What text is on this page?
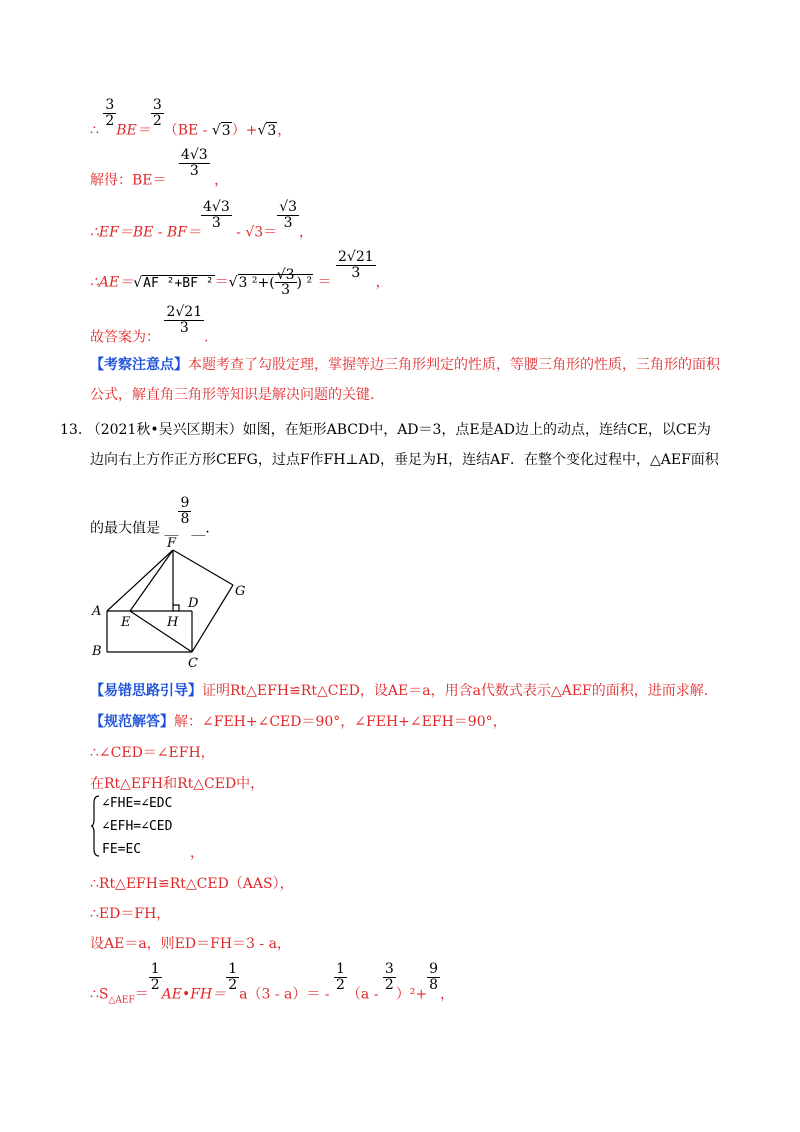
∴
$\frac{3}{2}$
BE＝
$\frac{3}{2}$
（BE - √3）+√3，
解得：BE＝
$\frac{4√3}{3}$
，
∴EF＝BE - BF＝
$\frac{4√3}{3}$
- √3＝
$\frac{√3}{3}$
，
∴AE＝√AF ²+BF ²＝√3 $^2+( \frac{√3}{3}$ ) ² ＝
$\frac{2√21}{3}$
，
故答案为：
$\frac{2√21}{3}$
.
【考察注意点】本题考查了勾股定理，掌握等边三角形判定的性质，等腰三角形的性质，三角形的面积
公式，解直角三角形等知识是解决问题的关键.
13. （2021秋•吴兴区期末）如图，在矩形ABCD中，AD＝3，点E是AD边上的动点，连结CE，以CE为
边向右上方作正方形CEFG，过点F作FH⊥AD，垂足为H，连结AF．在整个变化过程中，△AEF面积
的最大值是 __
$\frac{9}{8}$
__．
F
G
A
D
E	H
B
C
【易错思路引导】证明Rt△EFH≌Rt△CED，设AE＝a，用含a代数式表示△AEF的面积，进而求解.
【规范解答】解：∠FEH+∠CED＝90°，∠FEH+∠EFH＝90°，
∴∠CED＝∠EFH，
在Rt△EFH和Rt△CED中，
∠FHE=∠EDC
∠EFH=∠CED
FE=EC	，
∴Rt△EFH≌Rt△CED（AAS），
∴ED＝FH，
设AE＝a，则ED＝FH＝3 - a，
$\therefore S_{\triangle AEF}=$
$\frac{1}{2}$
AE•FH＝
$\frac{1}{2}$
a（3 - a）＝ -
$\frac{1}{2}$
（a -
$\frac{3}{2}$
）²+
$\frac{9}{8}$
，
